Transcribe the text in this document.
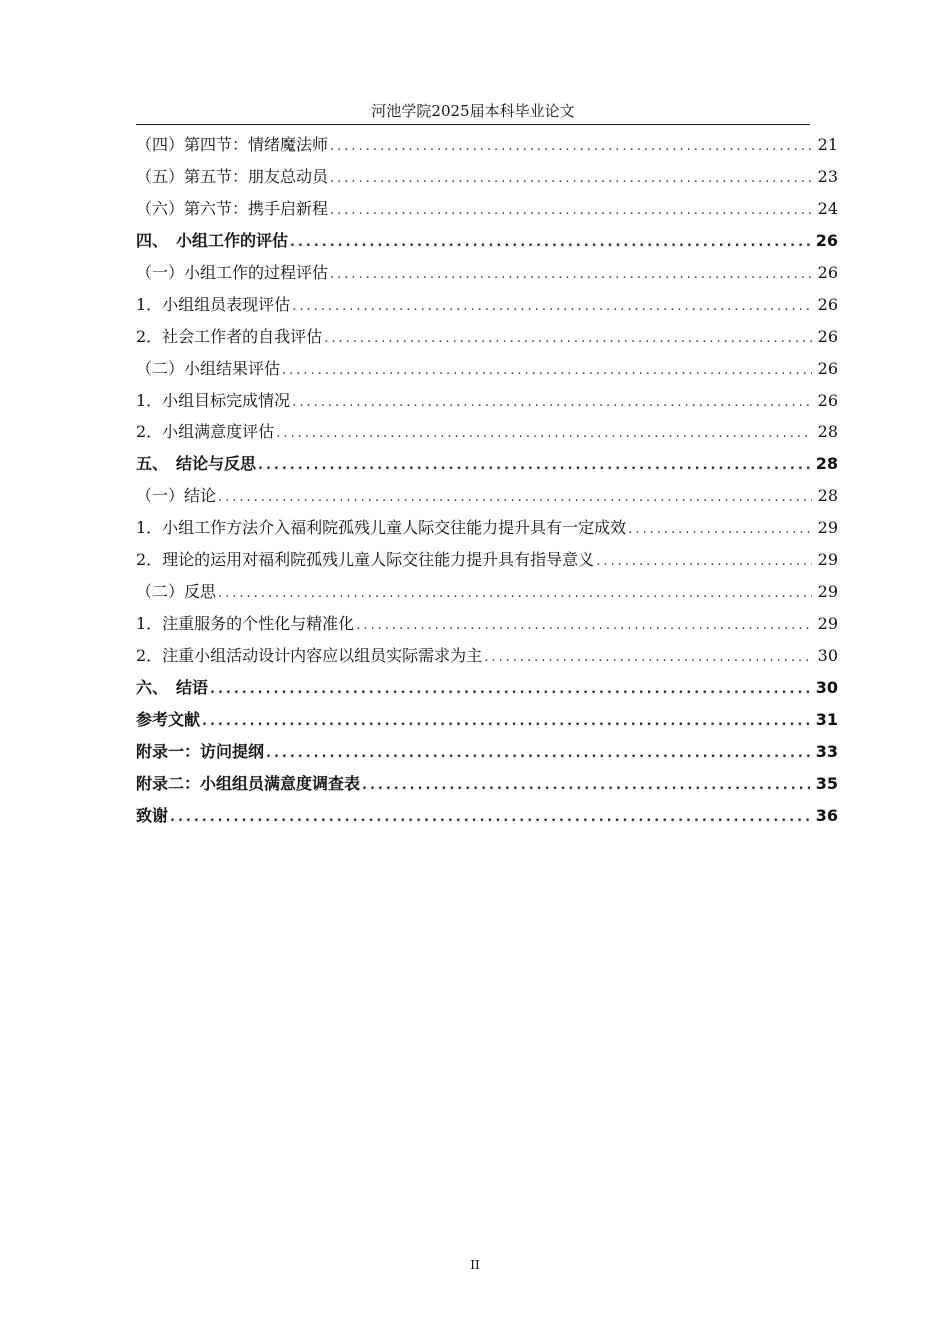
河池学院2025届本科毕业论文
（四）第四节：情绪魔法师 .....	21
（五）第五节：朋友总动员 .....	23
（六）第六节：携手启新程 .....	24
四、　小组工作的评估 .....	26
（一）小组工作的过程评估 .....	26
1．小组组员表现评估 .....	26
2．社会工作者的自我评估 .....	26
（二）小组结果评估 .....	26
1．小组目标完成情况 .....	26
2．小组满意度评估 .....	28
五、　结论与反思 .....	28
（一）结论 .....	28
1．小组工作方法介入福利院孤残儿童人际交往能力提升具有一定成效 .....	29
2．理论的运用对福利院孤残儿童人际交往能力提升具有指导意义 .....	29
（二）反思 .....	29
1．注重服务的个性化与精准化 .....	29
2．注重小组活动设计内容应以组员实际需求为主 .....	30
六、　结语 .....	30
参考文献 .....	31
附录一：访问提纲 .....	33
附录二：小组组员满意度调查表 .....	35
致谢 .....	36
II
